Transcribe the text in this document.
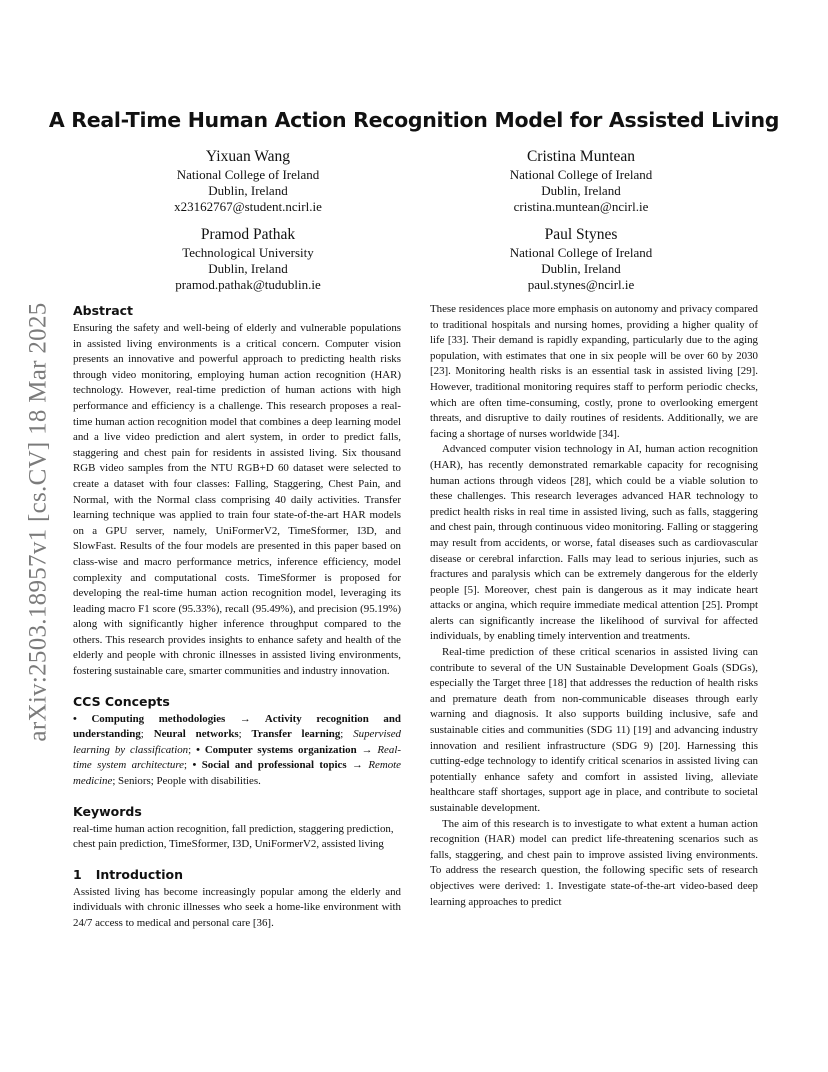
arXiv:2503.18957v1 [cs.CV] 18 Mar 2025
A Real-Time Human Action Recognition Model for Assisted Living
Yixuan Wang
National College of Ireland
Dublin, Ireland
x23162767@student.ncirl.ie
Cristina Muntean
National College of Ireland
Dublin, Ireland
cristina.muntean@ncirl.ie
Pramod Pathak
Technological University
Dublin, Ireland
pramod.pathak@tudublin.ie
Paul Stynes
National College of Ireland
Dublin, Ireland
paul.stynes@ncirl.ie
Abstract

Ensuring the safety and well-being of elderly and vulnerable populations in assisted living environments is a critical concern. Computer vision presents an innovative and powerful approach to predicting health risks through video monitoring, employing human action recognition (HAR) technology. However, real-time prediction of human actions with high performance and efficiency is a challenge. This research proposes a real-time human action recognition model that combines a deep learning model and a live video prediction and alert system, in order to predict falls, staggering and chest pain for residents in assisted living. Six thousand RGB video samples from the NTU RGB+D 60 dataset were selected to create a dataset with four classes: Falling, Staggering, Chest Pain, and Normal, with the Normal class comprising 40 daily activities. Transfer learning technique was applied to train four state-of-the-art HAR models on a GPU server, namely, UniFormerV2, TimeSformer, I3D, and SlowFast. Results of the four models are presented in this paper based on class-wise and macro performance metrics, inference efficiency, model complexity and computational costs. TimeSformer is proposed for developing the real-time human action recognition model, leveraging its leading macro F1 score (95.33%), recall (95.49%), and precision (95.19%) along with significantly higher inference throughput compared to the others. This research provides insights to enhance safety and health of the elderly and people with chronic illnesses in assisted living environments, fostering sustainable care, smarter communities and industry innovation.

CCS Concepts

• Computing methodologies → Activity recognition and understanding; Neural networks; Transfer learning; Supervised learning by classification; • Computer systems organization → Real-time system architecture; • Social and professional topics → Remote medicine; Seniors; People with disabilities.

Keywords

real-time human action recognition, fall prediction, staggering prediction, chest pain prediction, TimeSformer, I3D, UniFormerV2, assisted living

1 Introduction

Assisted living has become increasingly popular among the elderly and individuals with chronic illnesses who seek a home-like environment with 24/7 access to medical and personal care [36].

These residences place more emphasis on autonomy and privacy compared to traditional hospitals and nursing homes, providing a higher quality of life [33]. Their demand is rapidly expanding, particularly due to the aging population, with estimates that one in six people will be over 60 by 2030 [23]. Monitoring health risks is an essential task in assisted living [29]. However, traditional monitoring requires staff to perform periodic checks, which are often time-consuming, costly, prone to overlooking emergent threats, and disruptive to daily routines of residents. Additionally, we are facing a shortage of nurses worldwide [34].

Advanced computer vision technology in AI, human action recognition (HAR), has recently demonstrated remarkable capacity for recognising human actions through videos [28], which could be a viable solution to these challenges. This research leverages advanced HAR technology to predict health risks in real time in assisted living, such as falls, staggering and chest pain, through continuous video monitoring. Falling or staggering may result from accidents, or worse, fatal diseases such as cardiovascular disease or cerebral infarction. Falls may lead to serious injuries, such as fractures and paralysis which can be extremely dangerous for the elderly people [5]. Moreover, chest pain is dangerous as it may indicate heart attacks or angina, which require immediate medical attention [25]. Prompt alerts can significantly increase the likelihood of survival for affected individuals, by enabling timely intervention and treatments.

Real-time prediction of these critical scenarios in assisted living can contribute to several of the UN Sustainable Development Goals (SDGs), especially the Target three [18] that addresses the reduction of health risks and premature death from non-communicable diseases through early warning and diagnosis. It also supports building inclusive, safe and sustainable cities and communities (SDG 11) [19] and advancing industry innovation and resilient infrastructure (SDG 9) [20]. Harnessing this cutting-edge technology to identify critical scenarios in assisted living can potentially enhance safety and comfort in assisted living, alleviate healthcare staff shortages, support age in place, and contribute to societal sustainable development.

The aim of this research is to investigate to what extent a human action recognition (HAR) model can predict life-threatening scenarios such as falls, staggering, and chest pain to improve assisted living environments. To address the research question, the following specific sets of research objectives were derived: 1. Investigate state-of-the-art video-based deep learning approaches to predict
